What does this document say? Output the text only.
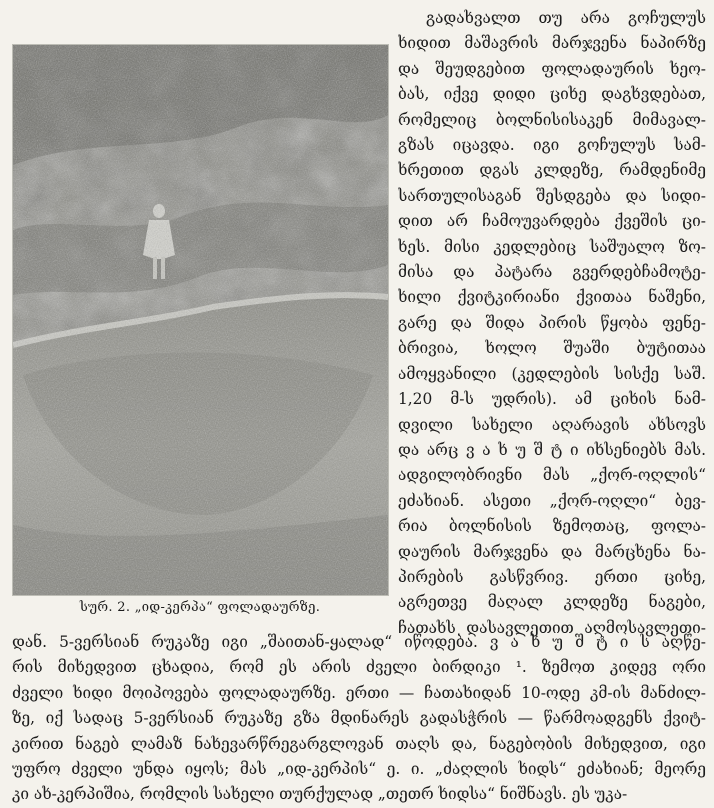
სურ. 2. „იდ-კერპა“ ფოლადაურზე.
გადახვალთ თუ არა გოჩულუს
ხიდით მაშავრის მარჯვენა ნაპირზე
და შეუდგებით ფოლადაურის ხეო-
ბას, იქვე დიდი ციხე დაგხვდებათ,
რომელიც ბოლნისისაკენ მიმავალ-
გზას იცავდა. იგი გოჩულუს სამ-
ხრეთით დგას კლდეზე, რამდენიმე
სართულისაგან შესდგება და სიდი-
დით არ ჩამოუვარდება ქვეშის ცი-
ხეს. მისი კედლებიც საშუალო ზო-
მისა და პატარა გვერდებჩამოტე-
ხილი ქვიტკირიანი ქვითაა ნაშენი,
გარე და შიდა პირის წყობა ფენე-
ბრივია, ხოლო შუაში ბუტითაა
ამოყვანილი (კედლების სისქე საშ.
1,20 მ-ს უდრის). ამ ციხის ნამ-
დვილი სახელი აღარავის ახსოვს
და არც ვ ა ხ უ შ ტ ი იხსენიებს მას.
ადგილობრივნი მას „ქორ-ოღლის“
ეძახიან. ასეთი „ქორ-ოღლი“ ბევ-
რია ბოლნისის ზემოთაც, ფოლა-
დაურის მარჯვენა და მარცხენა ნა-
პირების გასწვრივ. ერთი ციხე,
აგრეთვე მაღალ კლდეზე ნაგები,
ჩათახს დასავლეთით აღმოსავლეთი-
დან. 5-ვერსიან რუკაზე იგი „შაითან-ყალად“ იწოდება. ვ ა ხ უ შ ტ ი ს აღწე-
რის მიხედვით ცხადია, რომ ეს არის ძველი ბირდიკი ¹. ზემოთ კიდევ ორი
ძველი ხიდი მოიპოვება ფოლადაურზე. ერთი — ჩათახიდან 10-ოდე კმ-ის მანძილ-
ზე, იქ სადაც 5-ვერსიან რუკაზე გზა მდინარეს გადასჭრის — წარმოადგენს ქვიტ-
კირით ნაგებ ლამაზ ნახევარწრეგარგლოვან თაღს და, ნაგებობის მიხედვით, იგი
უფრო ძველი უნდა იყოს; მას „იდ-კერპის“ ე. ი. „ძაღლის ხიდს“ ეძახიან; მეორე
კი ახ-კერპიშია, რომლის სახელი თურქულად „თეთრ ხიდსა“ ნიშნავს. ეს უკა-
